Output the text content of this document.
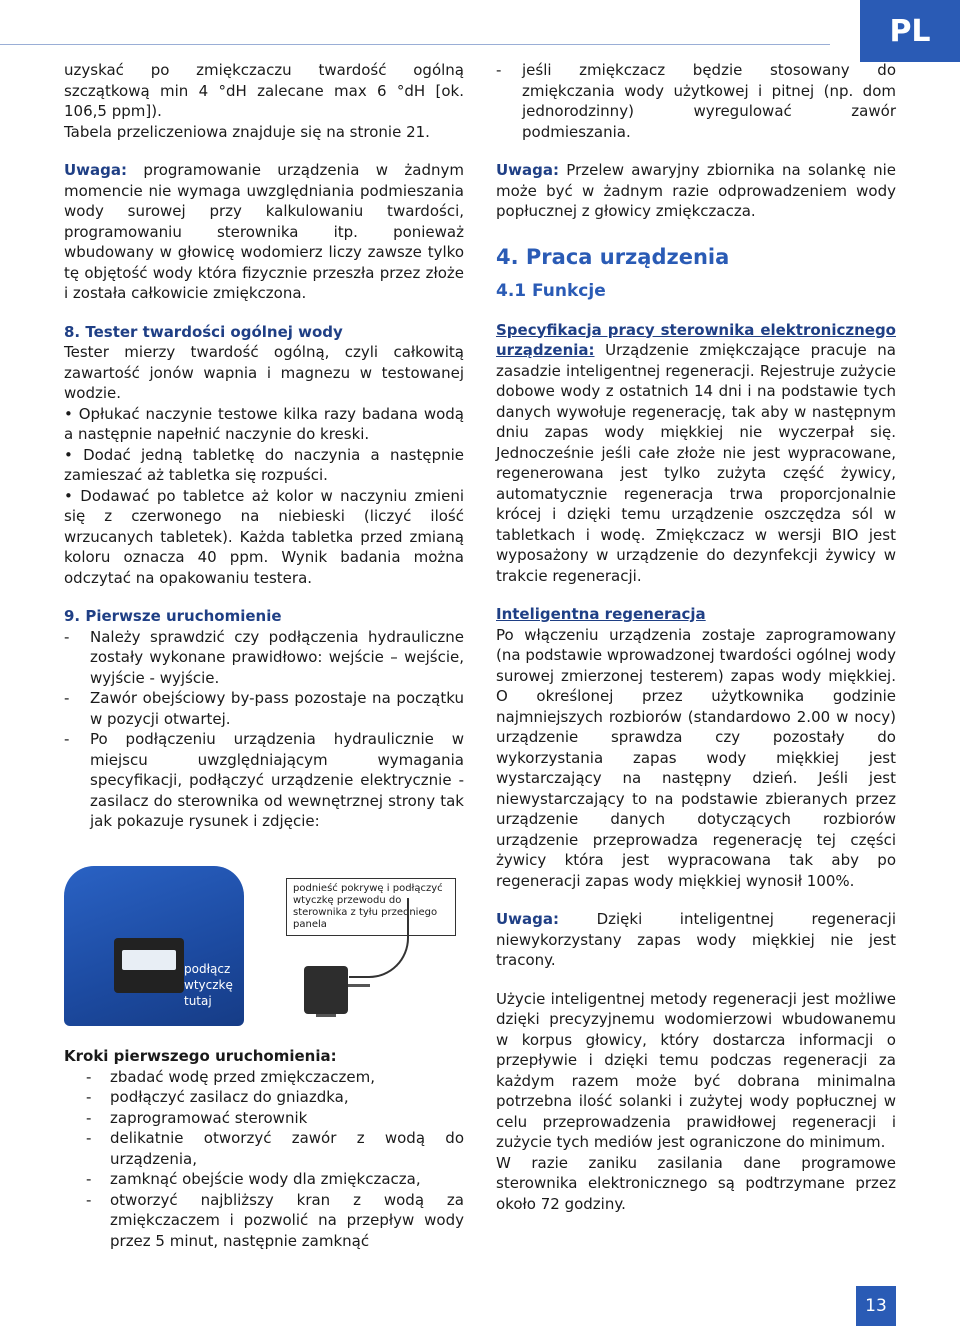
PL

uzyskać po zmiękczaczu twardość ogólną szczątkową min 4 °dH zalecane max 6 °dH [ok. 106,5 ppm]).

Tabela przeliczeniowa znajduje się na stronie 21.

Uwaga: programowanie urządzenia w żadnym momencie nie wymaga uwzględniania podmieszania wody surowej przy kalkulowaniu twardości, programowaniu sterownika itp. ponieważ wbudowany w głowicę wodomierz liczy zawsze tylko tę objętość wody która fizycznie przeszła przez złoże i została całkowicie zmiękczona.

8. Tester twardości ogólnej wody

Tester mierzy twardość ogólną, czyli całkowitą zawartość jonów wapnia i magnezu w testowanej wodzie.

• Opłukać naczynie testowe kilka razy badana wodą a następnie napełnić naczynie do kreski.

• Dodać jedną tabletkę do naczynia a następnie zamieszać aż tabletka się rozpuści.

• Dodawać po tabletce aż kolor w naczyniu zmieni się z czerwonego na niebieski (liczyć ilość wrzucanych tabletek). Każda tabletka przed zmianą koloru oznacza 40 ppm. Wynik badania można odczytać na opakowaniu testera.

9. Pierwsze uruchomienie

- Należy sprawdzić czy podłączenia hydrauliczne zostały wykonane prawidłowo: wejście – wejście, wyjście - wyjście.
- Zawór obejściowy by-pass pozostaje na początku w pozycji otwartej.
- Po podłączeniu urządzenia hydraulicznie w miejscu uwzględniającym wymagania specyfikacji, podłączyć urządzenie elektrycznie - zasilacz do sterownika od wewnętrznej strony tak jak pokazuje rysunek i zdjęcie:
podłącz wtyczkę tutaj
BWT
podnieść pokrywę i podłączyć wtyczkę przewodu do sterownika z tyłu przedniego panela

Kroki pierwszego uruchomienia:

- zbadać wodę przed zmiękczaczem,
- podłączyć zasilacz do gniazdka,
- zaprogramować sterownik
- delikatnie otworzyć zawór z wodą do urządzenia,
- zamknąć obejście wody dla zmiękczacza,
- otworzyć najbliższy kran z wodą za zmiękczaczem i pozwolić na przepływ wody przez 5 minut, następnie zamknąć
- jeśli zmiękczacz będzie stosowany do zmiękczania wody użytkowej i pitnej (np. dom jednorodzinny) wyregulować zawór podmieszania.

Uwaga: Przelew awaryjny zbiornika na solankę nie może być w żadnym razie odprowadzeniem wody popłucznej z głowicy zmiękczacza.

4. Praca urządzenia

4.1 Funkcje

Specyfikacja pracy sterownika elektronicznego urządzenia: Urządzenie zmiękczające pracuje na zasadzie inteligentnej regeneracji. Rejestruje zużycie dobowe wody z ostatnich 14 dni i na podstawie tych danych wywołuje regenerację, tak aby w następnym dniu zapas wody miękkiej nie wyczerpał się. Jednocześnie jeśli całe złoże nie jest wypracowane, regenerowana jest tylko zużyta część żywicy, automatycznie regeneracja trwa proporcjonalnie krócej i dzięki temu urządzenie oszczędza sól w tabletkach i wodę. Zmiękczacz w wersji BIO jest wyposażony w urządzenie do dezynfekcji żywicy w trakcie regeneracji.

Inteligentna regeneracja

Po włączeniu urządzenia zostaje zaprogramowany (na podstawie wprowadzonej twardości ogólnej wody surowej zmierzonej testerem) zapas wody miękkiej. O określonej przez użytkownika godzinie najmniejszych rozbiorów (standardowo 2.00 w nocy) urządzenie sprawdza czy pozostały do wykorzystania zapas wody miękkiej jest wystarczający na następny dzień. Jeśli jest niewystarczający to na podstawie zbieranych przez urządzenie danych dotyczących rozbiorów urządzenie przeprowadza regenerację tej części żywicy która jest wypracowana tak aby po regeneracji zapas wody miękkiej wynosił 100%.

Uwaga: Dzięki inteligentnej regeneracji niewykorzystany zapas wody miękkiej nie jest tracony.

Użycie inteligentnej metody regeneracji jest możliwe dzięki precyzyjnemu wodomierzowi wbudowanemu w korpus głowicy, który dostarcza informacji o przepływie i dzięki temu podczas regeneracji za każdym razem może być dobrana minimalna potrzebna ilość solanki i zużytej wody popłucznej w celu przeprowadzenia prawidłowej regeneracji i zużycie tych mediów jest ograniczone do minimum.

W razie zaniku zasilania dane programowe sterownika elektronicznego są podtrzymane przez około 72 godziny.

13
